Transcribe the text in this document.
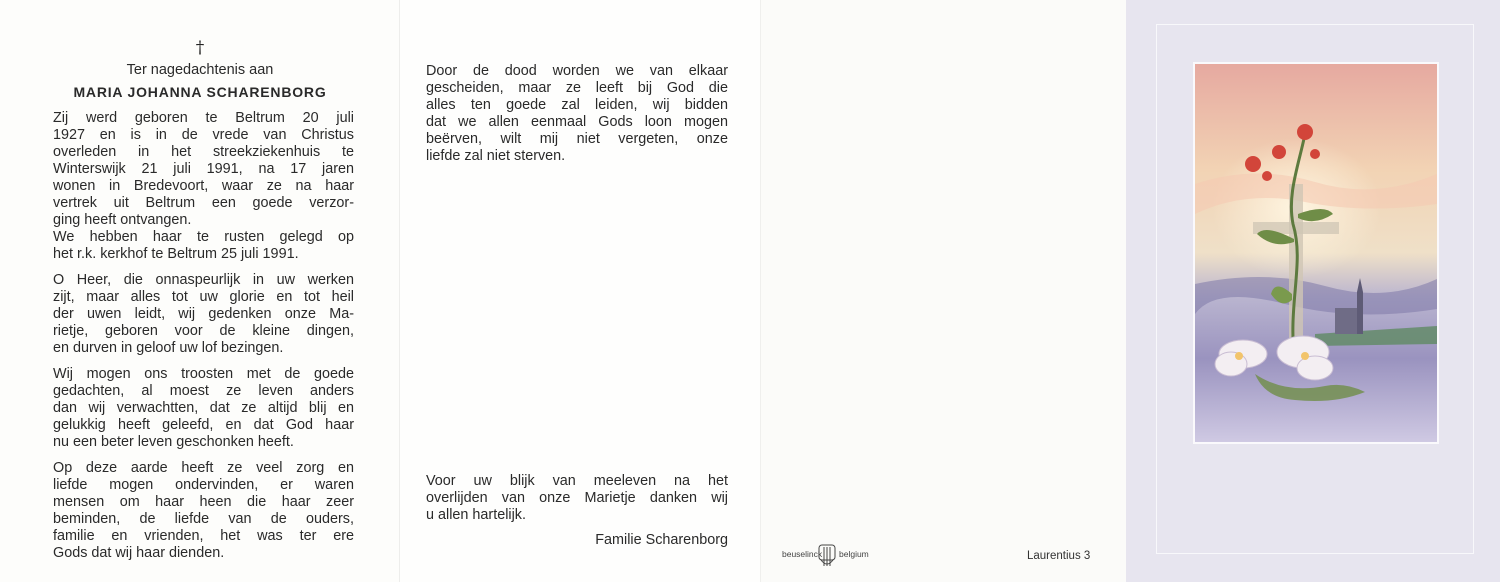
†
Ter nagedachtenis aan
MARIA JOHANNA SCHARENBORG
Zij werd geboren te Beltrum 20 juli
1927 en is in de vrede van Christus
overleden in het streekziekenhuis te
Winterswijk 21 juli 1991, na 17 jaren
wonen in Bredevoort, waar ze na haar
vertrek uit Beltrum een goede verzor-
ging heeft ontvangen.
We hebben haar te rusten gelegd op
het r.k. kerkhof te Beltrum 25 juli 1991.
O Heer, die onnaspeurlijk in uw werken
zijt, maar alles tot uw glorie en tot heil
der uwen leidt, wij gedenken onze Ma-
rietje, geboren voor de kleine dingen,
en durven in geloof uw lof bezingen.
Wij mogen ons troosten met de goede
gedachten, al moest ze leven anders
dan wij verwachtten, dat ze altijd blij en
gelukkig heeft geleefd, en dat God haar
nu een beter leven geschonken heeft.
Op deze aarde heeft ze veel zorg en
liefde mogen ondervinden, er waren
mensen om haar heen die haar zeer
beminden, de liefde van de ouders,
familie en vrienden, het was ter ere
Gods dat wij haar dienden.
Door de dood worden we van elkaar
gescheiden, maar ze leeft bij God die
alles ten goede zal leiden, wij bidden
dat we allen eenmaal Gods loon mogen
beërven, wilt mij niet vergeten, onze
liefde zal niet sterven.
Voor uw blijk van meeleven na het
overlijden van onze Marietje danken wij
u allen hartelijk.
Familie Scharenborg
beuselinck belgium	Laurentius 3
